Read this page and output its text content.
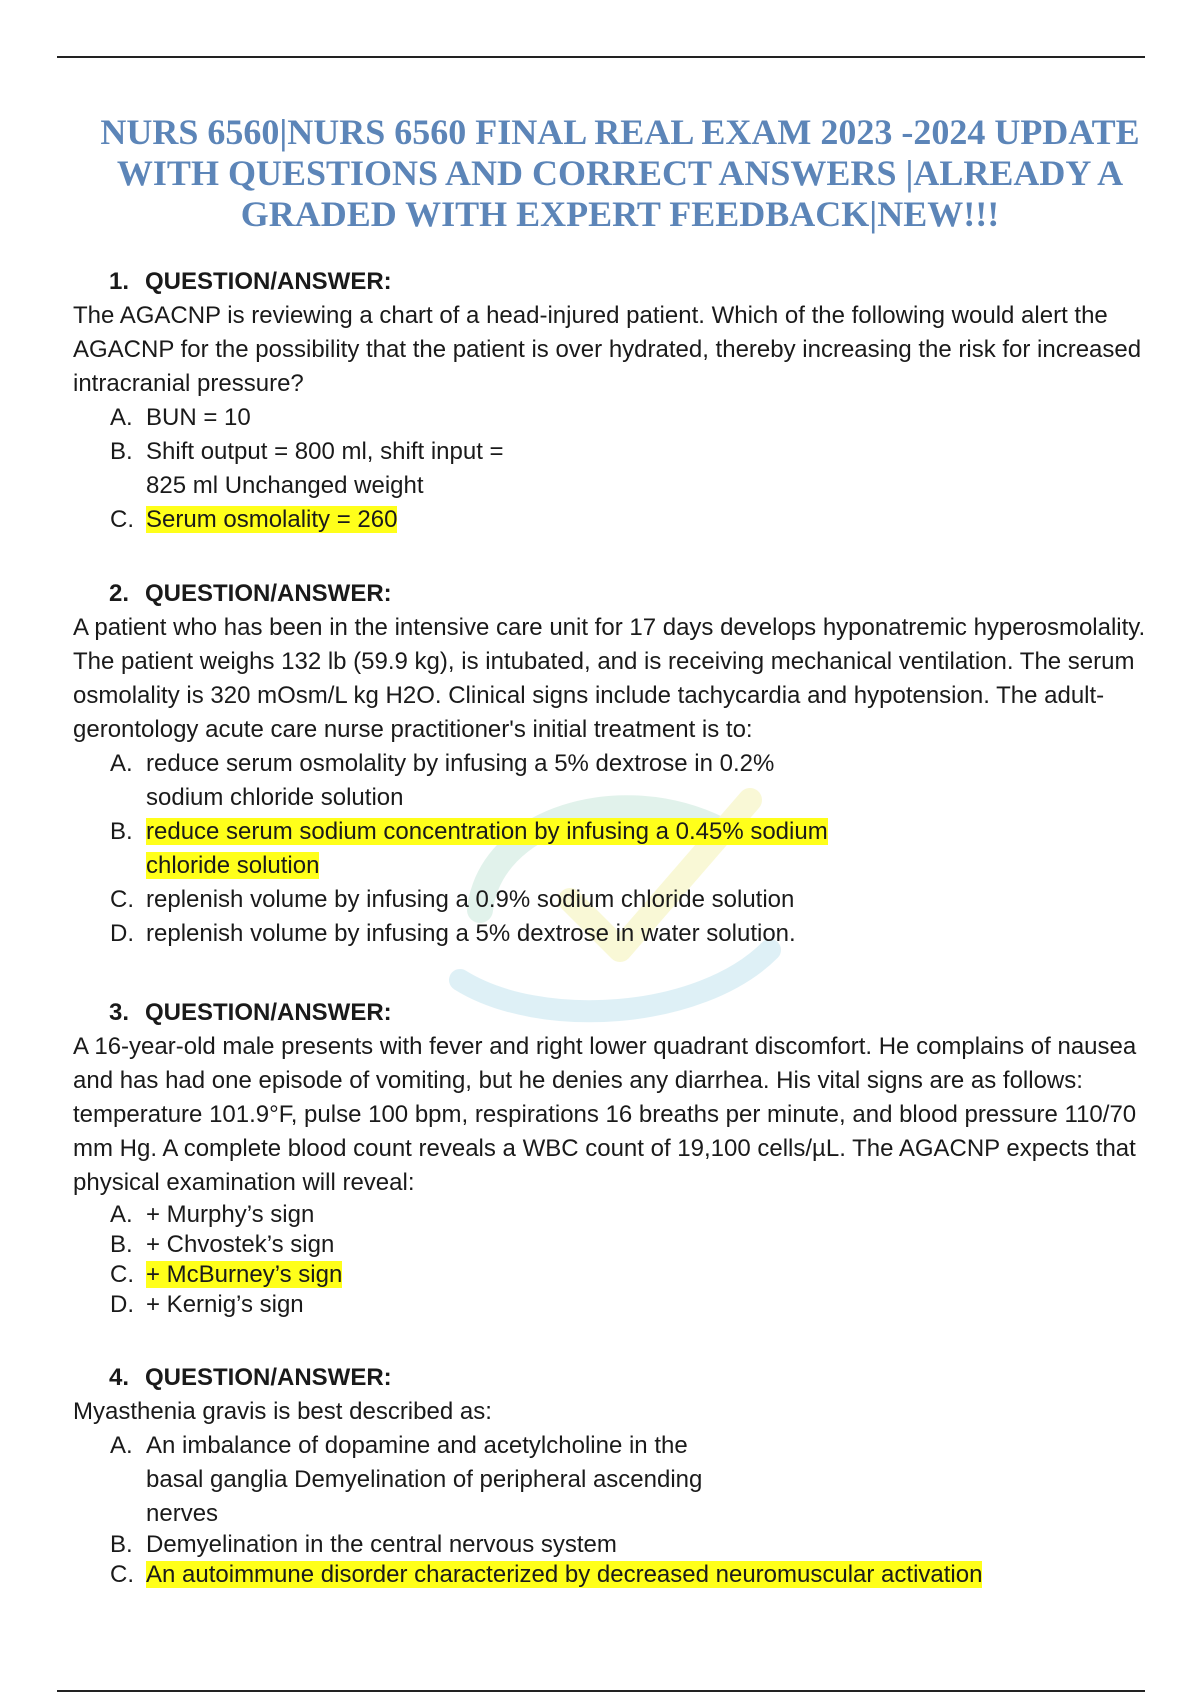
NURS 6560|NURS 6560 FINAL REAL EXAM 2023 -2024 UPDATE WITH QUESTIONS AND CORRECT ANSWERS |ALREADY A GRADED WITH EXPERT FEEDBACK|NEW!!!
1. QUESTION/ANSWER:

The AGACNP is reviewing a chart of a head-injured patient. Which of the following would alert the AGACNP for the possibility that the patient is over hydrated, thereby increasing the risk for increased intracranial pressure?

A. BUN = 10
B. Shift output = 800 ml, shift input =
825 ml Unchanged weight
C. Serum osmolality = 260
2. QUESTION/ANSWER:

A patient who has been in the intensive care unit for 17 days develops hyponatremic hyperosmolality. The patient weighs 132 lb (59.9 kg), is intubated, and is receiving mechanical ventilation. The serum osmolality is 320 mOsm/L kg H2O. Clinical signs include tachycardia and hypotension. The adult-gerontology acute care nurse practitioner's initial treatment is to:

A. reduce serum osmolality by infusing a 5% dextrose in 0.2%
sodium chloride solution
B. reduce serum sodium concentration by infusing a 0.45% sodium
chloride solution
C. replenish volume by infusing a 0.9% sodium chloride solution
D. replenish volume by infusing a 5% dextrose in water solution.
3. QUESTION/ANSWER:

A 16-year-old male presents with fever and right lower quadrant discomfort. He complains of nausea and has had one episode of vomiting, but he denies any diarrhea. His vital signs are as follows: temperature 101.9°F, pulse 100 bpm, respirations 16 breaths per minute, and blood pressure 110/70 mm Hg. A complete blood count reveals a WBC count of 19,100 cells/µL. The AGACNP expects that physical examination will reveal:

A. + Murphy’s sign
B. + Chvostek’s sign
C. + McBurney’s sign
D. + Kernig’s sign
4. QUESTION/ANSWER:

Myasthenia gravis is best described as:

A. An imbalance of dopamine and acetylcholine in the
basal ganglia Demyelination of peripheral ascending
nerves
B. Demyelination in the central nervous system
C. An autoimmune disorder characterized by decreased neuromuscular activation
